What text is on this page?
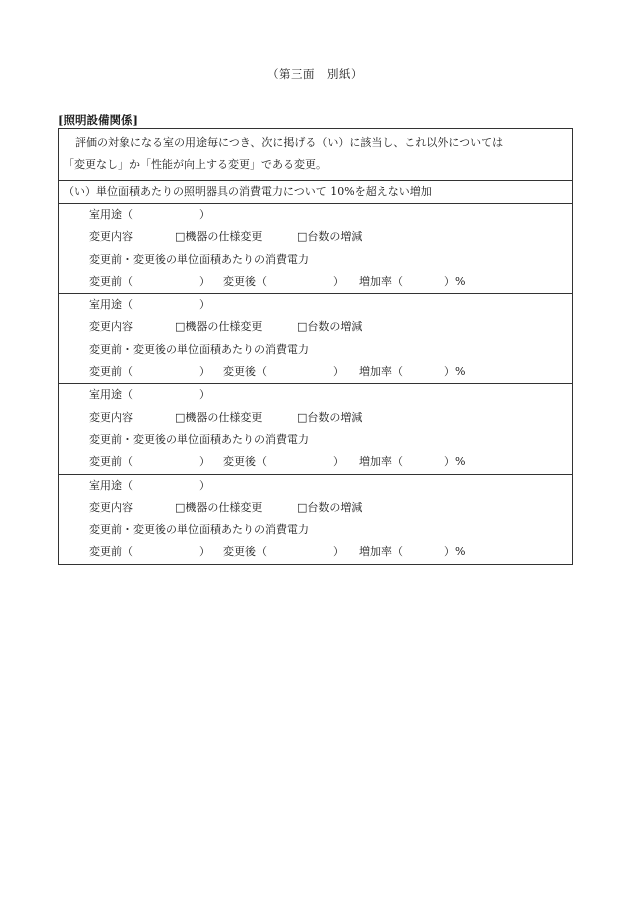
（第三面　別紙）
[照明設備関係]
評価の対象になる室の用途毎につき、次に掲げる（い）に該当し、これ以外については
「変更なし」か「性能が向上する変更」である変更。
（い）単位面積あたりの照明器具の消費電力について 10%を超えない増加
室用途（	）
変更内容	□機器の仕様変更	□台数の増減
変更前・変更後の単位面積あたりの消費電力
変更前（	） 変更後（	） 増加率（	）%
室用途（	）
変更内容	□機器の仕様変更	□台数の増減
変更前・変更後の単位面積あたりの消費電力
変更前（	） 変更後（	） 増加率（	）%
室用途（	）
変更内容	□機器の仕様変更	□台数の増減
変更前・変更後の単位面積あたりの消費電力
変更前（	） 変更後（	） 増加率（	）%
室用途（	）
変更内容	□機器の仕様変更	□台数の増減
変更前・変更後の単位面積あたりの消費電力
変更前（	） 変更後（	） 増加率（	）%
